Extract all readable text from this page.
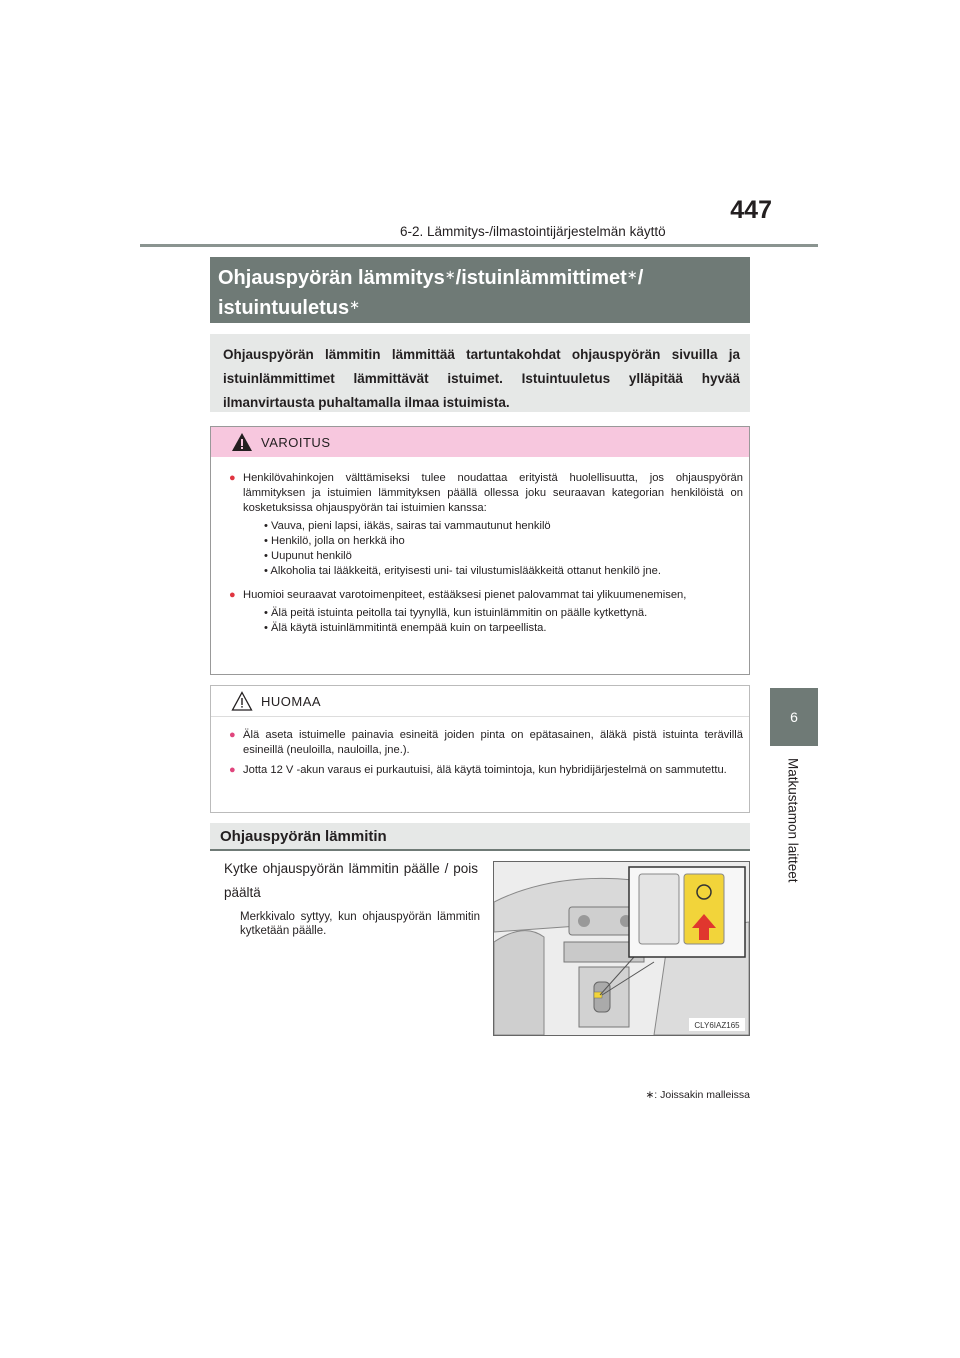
447
6-2. Lämmitys-/ilmastointijärjestelmän käyttö
6
Matkustamon laitteet
Ohjauspyörän lämmitys∗/istuinlämmittimet∗/
istuintuuletus∗
Ohjauspyörän lämmitin lämmittää tartuntakohdat ohjauspyörän sivuilla ja istuinlämmittimet lämmittävät istuimet. Istuintuuletus ylläpitää hyvää ilmanvirtausta puhaltamalla ilmaa istuimista.
VAROITUS
● Henkilövahinkojen välttämiseksi tulee noudattaa erityistä huolellisuutta, jos ohjauspyörän lämmityksen ja istuimien lämmityksen päällä ollessa joku seuraavan kategorian henkilöistä on kosketuksissa ohjauspyörän tai istuimien kanssa:
• Vauva, pieni lapsi, iäkäs, sairas tai vammautunut henkilö
• Henkilö, jolla on herkkä iho
• Uupunut henkilö
• Alkoholia tai lääkkeitä, erityisesti uni- tai vilustumislääkkeitä ottanut henkilö jne.
● Huomioi seuraavat varotoimenpiteet, estääksesi pienet palovammat tai ylikuumenemisen,
• Älä peitä istuinta peitolla tai tyynyllä, kun istuinlämmitin on päälle kytkettynä.
• Älä käytä istuinlämmitintä enempää kuin on tarpeellista.
HUOMAA
● Älä aseta istuimelle painavia esineitä joiden pinta on epätasainen, äläkä pistä istuinta terävillä esineillä (neuloilla, nauloilla, jne.).
● Jotta 12 V -akun varaus ei purkautuisi, älä käytä toimintoja, kun hybridijärjestelmä on sammutettu.
Ohjauspyörän lämmitin
Kytke ohjauspyörän lämmitin päälle / pois päältä
Merkkivalo syttyy, kun ohjauspyörän lämmitin kytketään päälle.
CLY6IAZ165
∗: Joissakin malleissa
